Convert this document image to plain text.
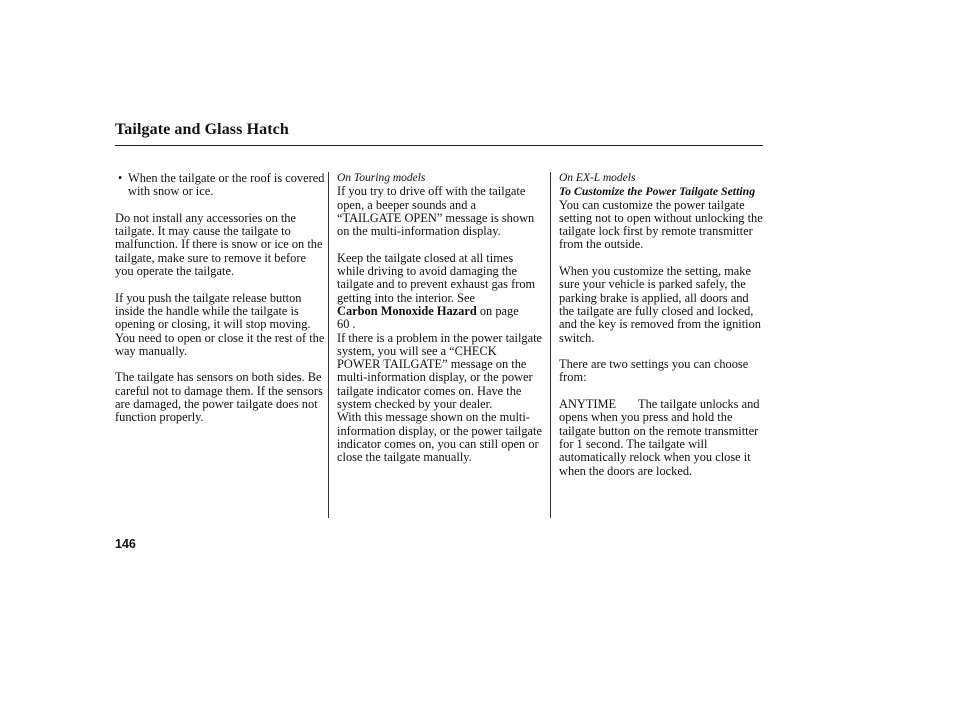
Tailgate and Glass Hatch
• When the tailgate or the roof is covered with snow or ice.

Do not install any accessories on the tailgate. It may cause the tailgate to malfunction. If there is snow or ice on the tailgate, make sure to remove it before you operate the tailgate.

If you push the tailgate release button inside the handle while the tailgate is opening or closing, it will stop moving. You need to open or close it the rest of the way manually.

The tailgate has sensors on both sides. Be careful not to damage them. If the sensors are damaged, the power tailgate does not function properly.

On Touring models

If you try to drive off with the tailgate open, a beeper sounds and a “TAILGATE OPEN” message is shown on the multi-information display.

Keep the tailgate closed at all times while driving to avoid damaging the tailgate and to prevent exhaust gas from getting into the interior. See
Carbon Monoxide Hazard on page
60 .

If there is a problem in the power tailgate system, you will see a “CHECK POWER TAILGATE” message on the multi-information display, or the power tailgate indicator comes on. Have the system checked by your dealer.

With this message shown on the multi-information display, or the power tailgate indicator comes on, you can still open or close the tailgate manually.

On EX-L models

To Customize the Power Tailgate Setting

You can customize the power tailgate setting not to open without unlocking the tailgate lock first by remote transmitter from the outside.

When you customize the setting, make sure your vehicle is parked safely, the parking brake is applied, all doors and the tailgate are fully closed and locked, and the key is removed from the ignition switch.

There are two settings you can choose from:

ANYTIME The tailgate unlocks and opens when you press and hold the tailgate button on the remote transmitter for 1 second. The tailgate will automatically relock when you close it when the doors are locked.

146
